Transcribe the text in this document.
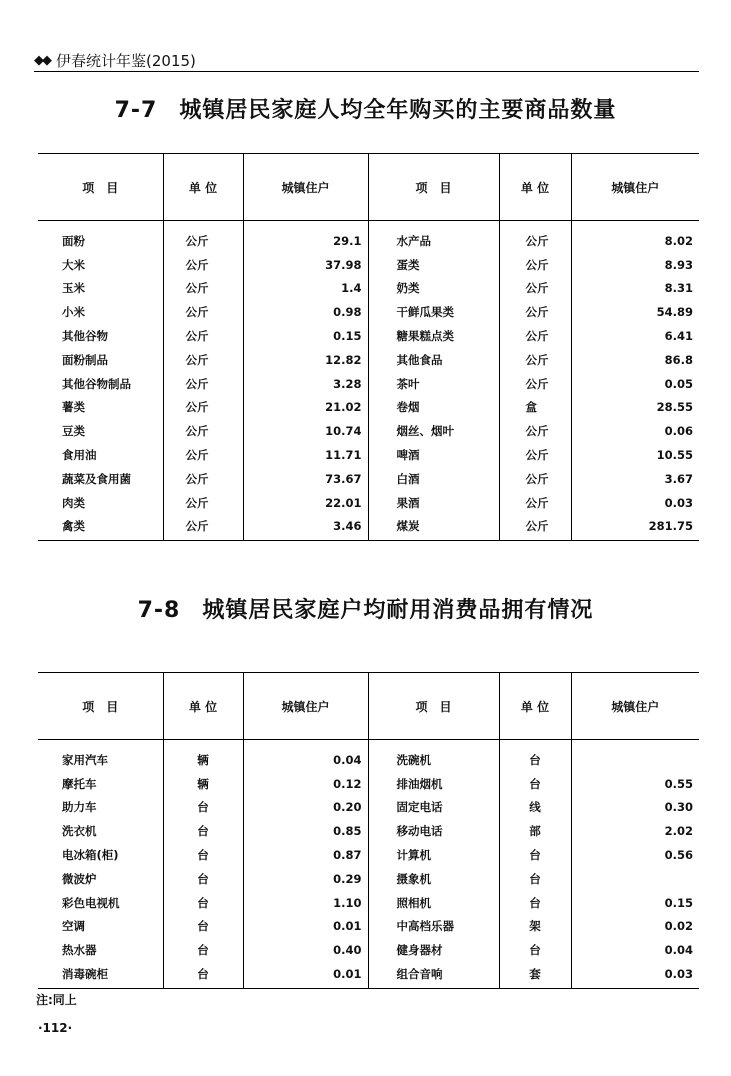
◆◆ 伊春统计年鉴(2015)
7-7 城镇居民家庭人均全年购买的主要商品数量
项　目	单 位	城镇住户	项　目	单 位	城镇住户
面粉	公斤	29.1	水产品	公斤	8.02
大米	公斤	37.98	蛋类	公斤	8.93
玉米	公斤	1.4	奶类	公斤	8.31
小米	公斤	0.98	干鲜瓜果类	公斤	54.89
其他谷物	公斤	0.15	糖果糕点类	公斤	6.41
面粉制品	公斤	12.82	其他食品	公斤	86.8
其他谷物制品	公斤	3.28	茶叶	公斤	0.05
薯类	公斤	21.02	卷烟	盒	28.55
豆类	公斤	10.74	烟丝、烟叶	公斤	0.06
食用油	公斤	11.71	啤酒	公斤	10.55
蔬菜及食用菌	公斤	73.67	白酒	公斤	3.67
肉类	公斤	22.01	果酒	公斤	0.03
禽类	公斤	3.46	煤炭	公斤	281.75
7-8 城镇居民家庭户均耐用消费品拥有情况
项　目	单 位	城镇住户	项　目	单 位	城镇住户
家用汽车	辆	0.04	洗碗机	台	
摩托车	辆	0.12	排油烟机	台	0.55
助力车	台	0.20	固定电话	线	0.30
洗衣机	台	0.85	移动电话	部	2.02
电冰箱(柜)	台	0.87	计算机	台	0.56
微波炉	台	0.29	摄象机	台	
彩色电视机	台	1.10	照相机	台	0.15
空调	台	0.01	中高档乐器	架	0.02
热水器	台	0.40	健身器材	台	0.04
消毒碗柜	台	0.01	组合音响	套	0.03
注:同上
·112·
